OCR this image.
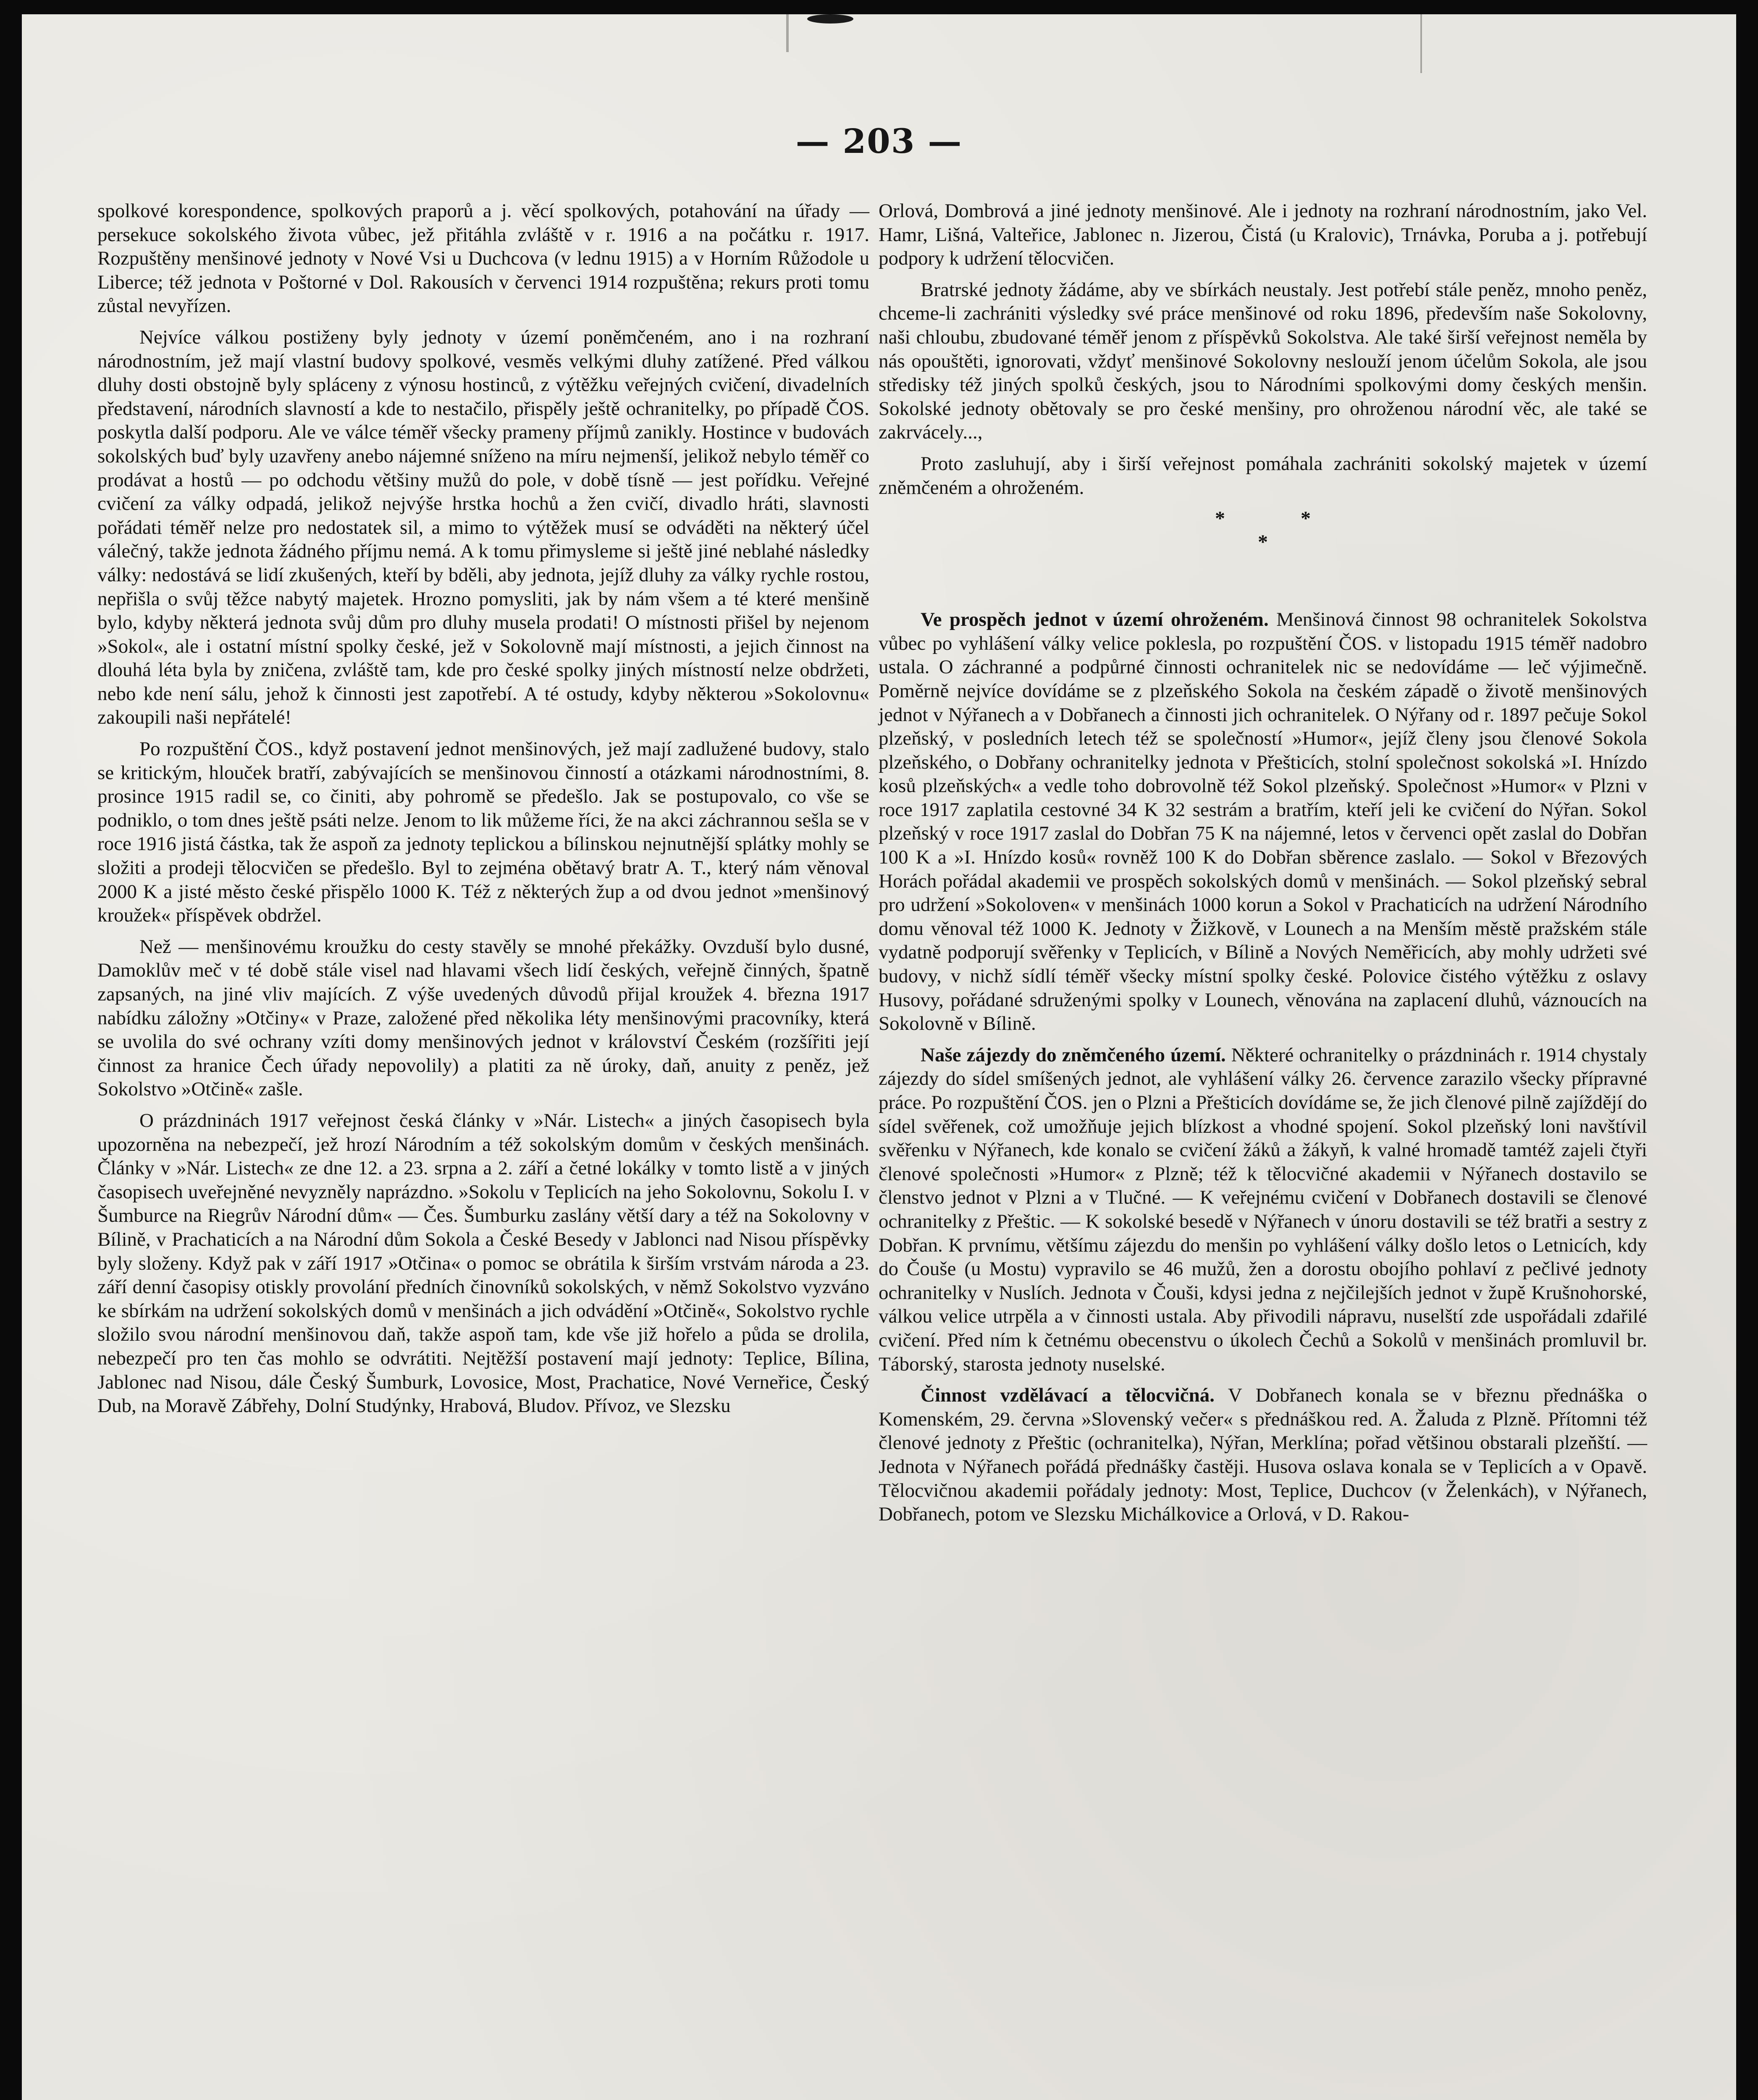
— 203 —

spolkové korespondence, spolkových praporů a j. věcí spolkových, potahování na úřady — persekuce sokolského života vůbec, jež přitáhla zvláště v r. 1916 a na počátku r. 1917. Rozpuštěny menšinové jednoty v Nové Vsi u Duchcova (v lednu 1915) a v Horním Růžodole u Liberce; též jednota v Poštorné v Dol. Rakousích v červenci 1914 rozpuštěna; rekurs proti tomu zůstal nevyřízen.

Nejvíce válkou postiženy byly jednoty v území poněmčeném, ano i na rozhraní národnostním, jež mají vlastní budovy spolkové, vesměs velkými dluhy zatížené. Před válkou dluhy dosti obstojně byly spláceny z výnosu hostinců, z výtěžku veřejných cvičení, divadelních představení, národních slavností a kde to nestačilo, přispěly ještě ochranitelky, po případě ČOS. poskytla další podporu. Ale ve válce téměř všecky prameny příjmů zanikly. Hostince v budovách sokolských buď byly uzavřeny anebo nájemné sníženo na míru nejmenší, jelikož nebylo téměř co prodávat a hostů — po odchodu většiny mužů do pole, v době tísně — jest pořídku. Veřejné cvičení za války odpadá, jelikož nejvýše hrstka hochů a žen cvičí, divadlo hráti, slavnosti pořádati téměř nelze pro nedostatek sil, a mimo to výtěžek musí se odváděti na některý účel válečný, takže jednota žádného příjmu nemá. A k tomu přimysleme si ještě jiné neblahé následky války: nedostává se lidí zkušených, kteří by bděli, aby jednota, jejíž dluhy za války rychle rostou, nepřišla o svůj těžce nabytý majetek. Hrozno pomysliti, jak by nám všem a té které menšině bylo, kdyby některá jednota svůj dům pro dluhy musela prodati! O místnosti přišel by nejenom »Sokol«, ale i ostatní místní spolky české, jež v Sokolovně mají místnosti, a jejich činnost na dlouhá léta byla by zničena, zvláště tam, kde pro české spolky jiných místností nelze obdržeti, nebo kde není sálu, jehož k činnosti jest zapotřebí. A té ostudy, kdyby některou »Sokolovnu« zakoupili naši nepřátelé!

Po rozpuštění ČOS., když postavení jednot menšinových, jež mají zadlužené budovy, stalo se kritickým, hlouček bratří, zabývajících se menšinovou činností a otázkami národnostními, 8. prosince 1915 radil se, co činiti, aby pohromě se předešlo. Jak se postupovalo, co vše se podniklo, o tom dnes ještě psáti nelze. Jenom to lik můžeme říci, že na akci záchrannou sešla se v roce 1916 jistá částka, tak že aspoň za jednoty teplickou a bílinskou nejnutnější splátky mohly se složiti a prodeji tělocvičen se předešlo. Byl to zejména obětavý bratr A. T., který nám věnoval 2000 K a jisté město české přispělo 1000 K. Též z některých žup a od dvou jednot »menšinový kroužek« příspěvek obdržel.

Než — menšinovému kroužku do cesty stavěly se mnohé překážky. Ovzduší bylo dusné, Damoklův meč v té době stále visel nad hlavami všech lidí českých, veřejně činných, špatně zapsaných, na jiné vliv majících. Z výše uvedených důvodů přijal kroužek 4. března 1917 nabídku záložny »Otčiny« v Praze, založené před několika léty menšinovými pracovníky, která se uvolila do své ochrany vzíti domy menšinových jednot v království Českém (rozšířiti její činnost za hranice Čech úřady nepovolily) a platiti za ně úroky, daň, anuity z peněz, jež Sokolstvo »Otčině« zašle.

O prázdninách 1917 veřejnost česká články v »Nár. Listech« a jiných časopisech byla upozorněna na nebezpečí, jež hrozí Národním a též sokolským domům v českých menšinách. Články v »Nár. Listech« ze dne 12. a 23. srpna a 2. září a četné lokálky v tomto listě a v jiných časopisech uveřejněné nevyzněly naprázdno. »Sokolu v Teplicích na jeho Sokolovnu, Sokolu I. v Šumburce na Riegrův Národní dům« — Čes. Šumburku zaslány větší dary a též na Sokolovny v Bílině, v Prachaticích a na Národní dům Sokola a České Besedy v Jablonci nad Nisou příspěvky byly složeny. Když pak v září 1917 »Otčina« o pomoc se obrátila k širším vrstvám národa a 23. září denní časopisy otiskly provolání předních činovníků sokolských, v němž Sokolstvo vyzváno ke sbírkám na udržení sokolských domů v menšinách a jich odvádění »Otčině«, Sokolstvo rychle složilo svou národní menšinovou daň, takže aspoň tam, kde vše již hořelo a půda se drolila, nebezpečí pro ten čas mohlo se odvrátiti. Nejtěžší postavení mají jednoty: Teplice, Bílina, Jablonec nad Nisou, dále Český Šumburk, Lovosice, Most, Prachatice, Nové Verneřice, Český Dub, na Moravě Zábřehy, Dolní Studýnky, Hrabová, Bludov. Přívoz, ve Slezsku

Orlová, Dombrová a jiné jednoty menšinové. Ale i jednoty na rozhraní národnostním, jako Vel. Hamr, Lišná, Valteřice, Jablonec n. Jizerou, Čistá (u Kralovic), Trnávka, Poruba a j. potřebují podpory k udržení tělocvičen.

Bratrské jednoty žádáme, aby ve sbírkách neustaly. Jest potřebí stále peněz, mnoho peněz, chceme-li zachrániti výsledky své práce menšinové od roku 1896, především naše Sokolovny, naši chloubu, zbudované téměř jenom z příspěvků Sokolstva. Ale také širší veřejnost neměla by nás opouštěti, ignorovati, vždyť menšinové Sokolovny neslouží jenom účelům Sokola, ale jsou středisky též jiných spolků českých, jsou to Národními spolkovými domy českých menšin. Sokolské jednoty obětovaly se pro české menšiny, pro ohroženou národní věc, ale také se zakrvácely...,

Proto zasluhují, aby i širší veřejnost pomáhala zachrániti sokolský majetek v území zněmčeném a ohroženém.

*	*
*

Ve prospěch jednot v území ohroženém. Menšinová činnost 98 ochranitelek Sokolstva vůbec po vyhlášení války velice poklesla, po rozpuštění ČOS. v listopadu 1915 téměř nadobro ustala. O záchranné a podpůrné činnosti ochranitelek nic se nedovídáme — leč výjimečně. Poměrně nejvíce dovídáme se z plzeňského Sokola na českém západě o životě menšinových jednot v Nýřanech a v Dobřanech a činnosti jich ochranitelek. O Nýřany od r. 1897 pečuje Sokol plzeňský, v posledních letech též se společností »Humor«, jejíž členy jsou členové Sokola plzeňského, o Dobřany ochranitelky jednota v Přešticích, stolní společnost sokolská »I. Hnízdo kosů plzeňských« a vedle toho dobrovolně též Sokol plzeňský. Společnost »Humor« v Plzni v roce 1917 zaplatila cestovné 34 K 32 sestrám a bratřím, kteří jeli ke cvičení do Nýřan. Sokol plzeňský v roce 1917 zaslal do Dobřan 75 K na nájemné, letos v červenci opět zaslal do Dobřan 100 K a »I. Hnízdo kosů« rovněž 100 K do Dobřan sběrence zaslalo. — Sokol v Březových Horách pořádal akademii ve prospěch sokolských domů v menšinách. — Sokol plzeňský sebral pro udržení »Sokoloven« v menšinách 1000 korun a Sokol v Prachaticích na udržení Národního domu věnoval též 1000 K. Jednoty v Žižkově, v Lounech a na Menším městě pražském stále vydatně podporují svěřenky v Teplicích, v Bílině a Nových Neměřicích, aby mohly udržeti své budovy, v nichž sídlí téměř všecky místní spolky české. Polovice čistého výtěžku z oslavy Husovy, pořádané sdruženými spolky v Lounech, věnována na zaplacení dluhů, váznoucích na Sokolovně v Bílině.

Naše zájezdy do zněmčeného území. Některé ochranitelky o prázdninách r. 1914 chystaly zájezdy do sídel smíšených jednot, ale vyhlášení války 26. července zarazilo všecky přípravné práce. Po rozpuštění ČOS. jen o Plzni a Přešticích dovídáme se, že jich členové pilně zajíždějí do sídel svěřenek, což umožňuje jejich blízkost a vhodné spojení. Sokol plzeňský loni navštívil svěřenku v Nýřanech, kde konalo se cvičení žáků a žákyň, k valné hromadě tamtéž zajeli čtyři členové společnosti »Humor« z Plzně; též k tělocvičné akademii v Nýřanech dostavilo se členstvo jednot v Plzni a v Tlučné. — K veřejnému cvičení v Dobřanech dostavili se členové ochranitelky z Přeštic. — K sokolské besedě v Nýřanech v únoru dostavili se též bratři a sestry z Dobřan. K prvnímu, většímu zájezdu do menšin po vyhlášení války došlo letos o Letnicích, kdy do Čouše (u Mostu) vypravilo se 46 mužů, žen a dorostu obojího pohlaví z pečlivé jednoty ochranitelky v Nuslích. Jednota v Čouši, kdysi jedna z nejčilejších jednot v župě Krušnohorské, válkou velice utrpěla a v činnosti ustala. Aby přivodili nápravu, nuselští zde uspořádali zdařilé cvičení. Před ním k četnému obecenstvu o úkolech Čechů a Sokolů v menšinách promluvil br. Táborský, starosta jednoty nuselské.

Činnost vzdělávací a tělocvičná. V Dobřanech konala se v březnu přednáška o Komenském, 29. června »Slovenský večer« s přednáškou red. A. Žaluda z Plzně. Přítomni též členové jednoty z Přeštic (ochranitelka), Nýřan, Merklína; pořad většinou obstarali plzeňští. — Jednota v Nýřanech pořádá přednášky častěji. Husova oslava konala se v Teplicích a v Opavě. Tělocvičnou akademii pořádaly jednoty: Most, Teplice, Duchcov (v Želenkách), v Nýřanech, Dobřanech, potom ve Slezsku Michálkovice a Orlová, v D. Rakou-
